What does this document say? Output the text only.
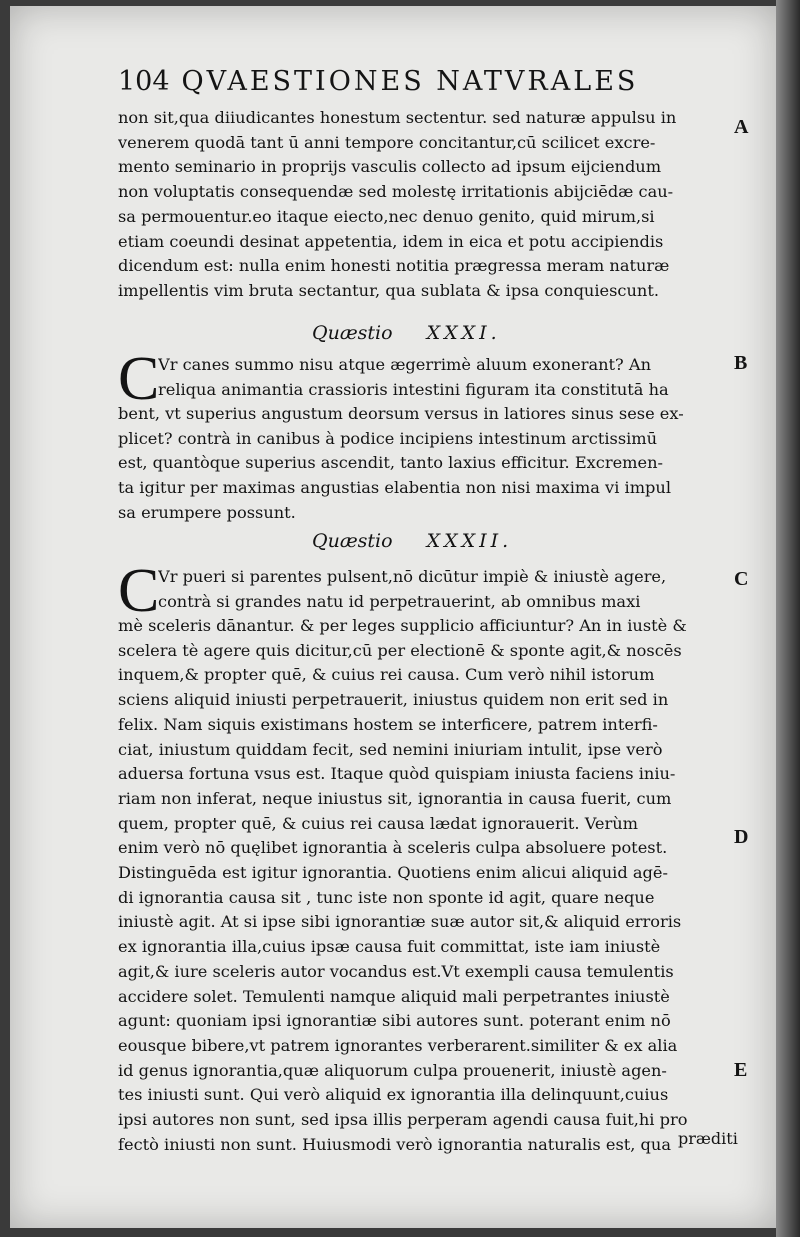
104 QVAESTIONES NATVRALES
non sit,qua diiudicantes honestum sectentur. sed naturæ appulsu in
venerem quodā tant ū anni tempore concitantur,cū scilicet excre-
mento seminario in proprijs vasculis collecto ad ipsum eijciendum
non voluptatis consequendæ sed molestę irritationis abijciēdæ cau-
sa permouentur.eo itaque eiecto,nec denuo genito, quid mirum,si
etiam coeundi desinat appetentia, idem in eica et potu accipiendis
dicendum est: nulla enim honesti notitia prægressa meram naturæ
impellentis vim bruta sectantur, qua sublata & ipsa conquiescunt.
Quæstio XXXI.
C
Vr canes summo nisu atque ægerrimè aluum exonerant? An
reliqua animantia crassioris intestini figuram ita constitutā ha
bent, vt superius angustum deorsum versus in latiores sinus sese ex-
plicet? contrà in canibus à podice incipiens intestinum arctissimū
est, quantòque superius ascendit, tanto laxius efficitur. Excremen-
ta igitur per maximas angustias elabentia non nisi maxima vi impul
sa erumpere possunt.
Quæstio XXXII.
C
Vr pueri si parentes pulsent,nō dicūtur impiè & iniustè agere,
contrà si grandes natu id perpetrauerint, ab omnibus maxi
mè sceleris dānantur. & per leges supplicio afficiuntur? An in iustè &
scelera tè agere quis dicitur,cū per electionē & sponte agit,& noscēs
inquem,& propter quē, & cuius rei causa. Cum verò nihil istorum
sciens aliquid iniusti perpetrauerit, iniustus quidem non erit sed in
felix. Nam siquis existimans hostem se interficere, patrem interfi-
ciat, iniustum quiddam fecit, sed nemini iniuriam intulit, ipse verò
aduersa fortuna vsus est. Itaque quòd quispiam iniusta faciens iniu-
riam non inferat, neque iniustus sit, ignorantia in causa fuerit, cum
quem, propter quē, & cuius rei causa lædat ignorauerit. Verùm
enim verò nō quęlibet ignorantia à sceleris culpa absoluere potest.
Distinguēda est igitur ignorantia. Quotiens enim alicui aliquid agē-
di ignorantia causa sit , tunc iste non sponte id agit, quare neque
iniustè agit. At si ipse sibi ignorantiæ suæ autor sit,& aliquid erroris
ex ignorantia illa,cuius ipsæ causa fuit committat, iste iam iniustè
agit,& iure sceleris autor vocandus est.Vt exempli causa temulentis
accidere solet. Temulenti namque aliquid mali perpetrantes iniustè
agunt: quoniam ipsi ignorantiæ sibi autores sunt. poterant enim nō
eousque bibere,vt patrem ignorantes verberarent.similiter & ex alia
id genus ignorantia,quæ aliquorum culpa prouenerit, iniustè agen-
tes iniusti sunt. Qui verò aliquid ex ignorantia illa delinquunt,cuius
ipsi autores non sunt, sed ipsa illis perperam agendi causa fuit,hi pro
fectò iniusti non sunt. Huiusmodi verò ignorantia naturalis est, qua præditi
A
B
C
D
E
